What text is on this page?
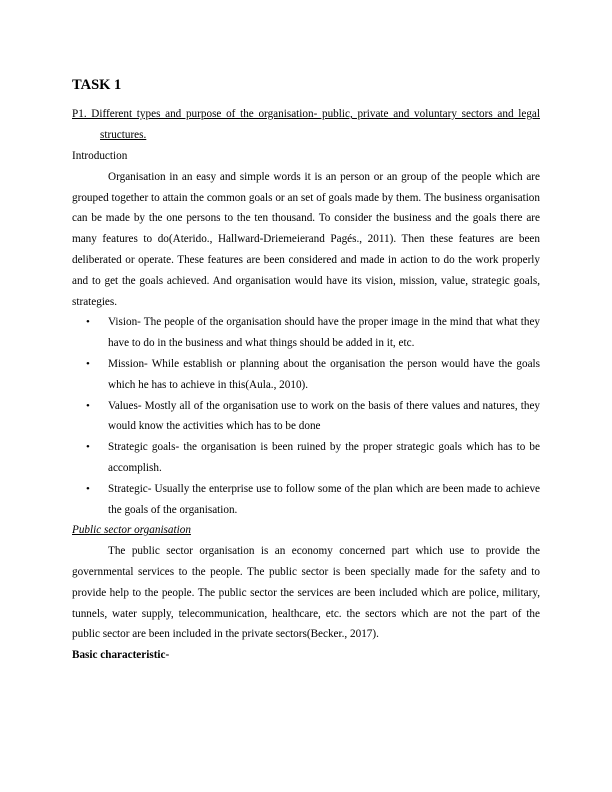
TASK 1

P1. Different types and purpose of the organisation- public, private and voluntary sectors and legal structures.

Introduction

Organisation in an easy and simple words it is an person or an group of the people which are grouped together to attain the common goals or an set of goals made by them. The business organisation can be made by the one persons to the ten thousand. To consider the business and the goals there are many features to do(Aterido., Hallward-Driemeierand Pagés., 2011). Then these features are been deliberated or operate. These features are been considered and made in action to do the work properly and to get the goals achieved. And organisation would have its vision, mission, value, strategic goals, strategies.

• Vision- The people of the organisation should have the proper image in the mind that what they have to do in the business and what things should be added in it, etc.
• Mission- While establish or planning about the organisation the person would have the goals which he has to achieve in this(Aula., 2010).
• Values- Mostly all of the organisation use to work on the basis of there values and natures, they would know the activities which has to be done
• Strategic goals- the organisation is been ruined by the proper strategic goals which has to be accomplish.
• Strategic- Usually the enterprise use to follow some of the plan which are been made to achieve the goals of the organisation.

Public sector organisation

The public sector organisation is an economy concerned part which use to provide the governmental services to the people. The public sector is been specially made for the safety and to provide help to the people. The public sector the services are been included which are police, military, tunnels, water supply, telecommunication, healthcare, etc. the sectors which are not the part of the public sector are been included in the private sectors(Becker., 2017).

Basic characteristic-
